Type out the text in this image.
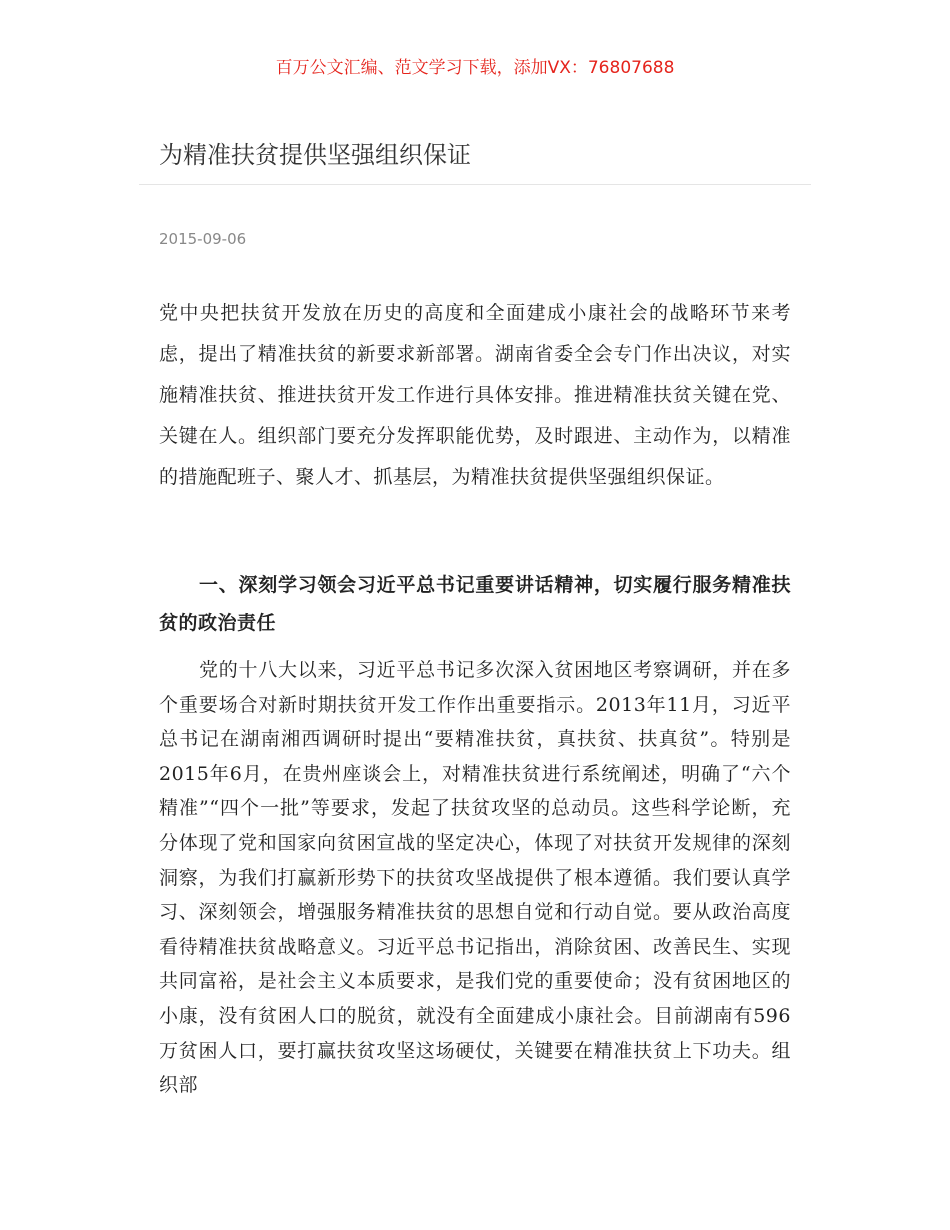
百万公文汇编、范文学习下载，添加VX：76807688
为精准扶贫提供坚强组织保证
2015-09-06
党中央把扶贫开发放在历史的高度和全面建成小康社会的战略环节来考虑，提出了精准扶贫的新要求新部署。湖南省委全会专门作出决议，对实施精准扶贫、推进扶贫开发工作进行具体安排。推进精准扶贫关键在党、关键在人。组织部门要充分发挥职能优势，及时跟进、主动作为，以精准的措施配班子、聚人才、抓基层，为精准扶贫提供坚强组织保证。
一、深刻学习领会习近平总书记重要讲话精神，切实履行服务精准扶贫的政治责任
党的十八大以来，习近平总书记多次深入贫困地区考察调研，并在多个重要场合对新时期扶贫开发工作作出重要指示。2013年11月，习近平总书记在湖南湘西调研时提出“要精准扶贫，真扶贫、扶真贫”。特别是2015年6月，在贵州座谈会上，对精准扶贫进行系统阐述，明确了“六个精准”“四个一批”等要求，发起了扶贫攻坚的总动员。这些科学论断，充分体现了党和国家向贫困宣战的坚定决心，体现了对扶贫开发规律的深刻洞察，为我们打赢新形势下的扶贫攻坚战提供了根本遵循。我们要认真学习、深刻领会，增强服务精准扶贫的思想自觉和行动自觉。要从政治高度看待精准扶贫战略意义。习近平总书记指出，消除贫困、改善民生、实现共同富裕，是社会主义本质要求，是我们党的重要使命；没有贫困地区的小康，没有贫困人口的脱贫，就没有全面建成小康社会。目前湖南有596万贫困人口，要打赢扶贫攻坚这场硬仗，关键要在精准扶贫上下功夫。组织部
